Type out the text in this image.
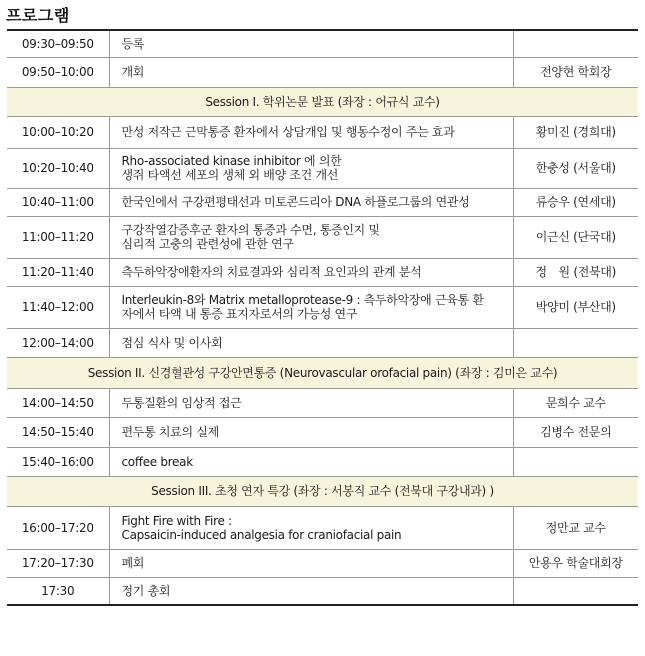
프로그램
09:30–09:50	등록	

09:50–10:00	개회	전양현 학회장
Session I. 학위논문 발표 (좌장 : 어규식 교수)		
10:00–10:20	만성 저작근 근막통증 환자에서 상담개입 및 행동수정이 주는 효과	황미진 (경희대)
10:20–10:40	Rho-associated kinase inhibitor 에 의한
생쥐 타액선 세포의 생체 외 배양 조건 개선	한충성 (서울대)
10:40–11:00	한국인에서 구강편평태선과 미토콘드리아 DNA 하플로그룹의 연관성	류승우 (연세대)
11:00–11:20	구강작열감증후군 환자의 통증과 수면, 통증인지 및
심리적 고충의 관련성에 관한 연구	이근신 (단국대)
11:20–11:40	측두하악장애환자의 치료결과와 심리적 요인과의 관계 분석	정　원 (전북대)
11:40–12:00	Interleukin-8와 Matrix metalloprotease-9 : 측두하악장애 근육통 환
자에서 타액 내 통증 표지자로서의 가능성 연구	박양미 (부산대)
12:00–14:00	점심 식사 및 이사회	

Session II. 신경혈관성 구강안면통증 (Neurovascular orofacial pain) (좌장 : 김미은 교수)		
14:00–14:50	두통질환의 임상적 접근	문희수 교수
14:50–15:40	편두통 치료의 실제	김병수 전문의
15:40–16:00	coffee break	

Session III. 초청 연자 특강 (좌장 : 서봉직 교수 (전북대 구강내과) )		
16:00–17:20	Fight Fire with Fire :
Capsaicin-induced analgesia for craniofacial pain	정만교 교수
17:20–17:30	폐회	안용우 학술대회장
17:30	정기 총회	
